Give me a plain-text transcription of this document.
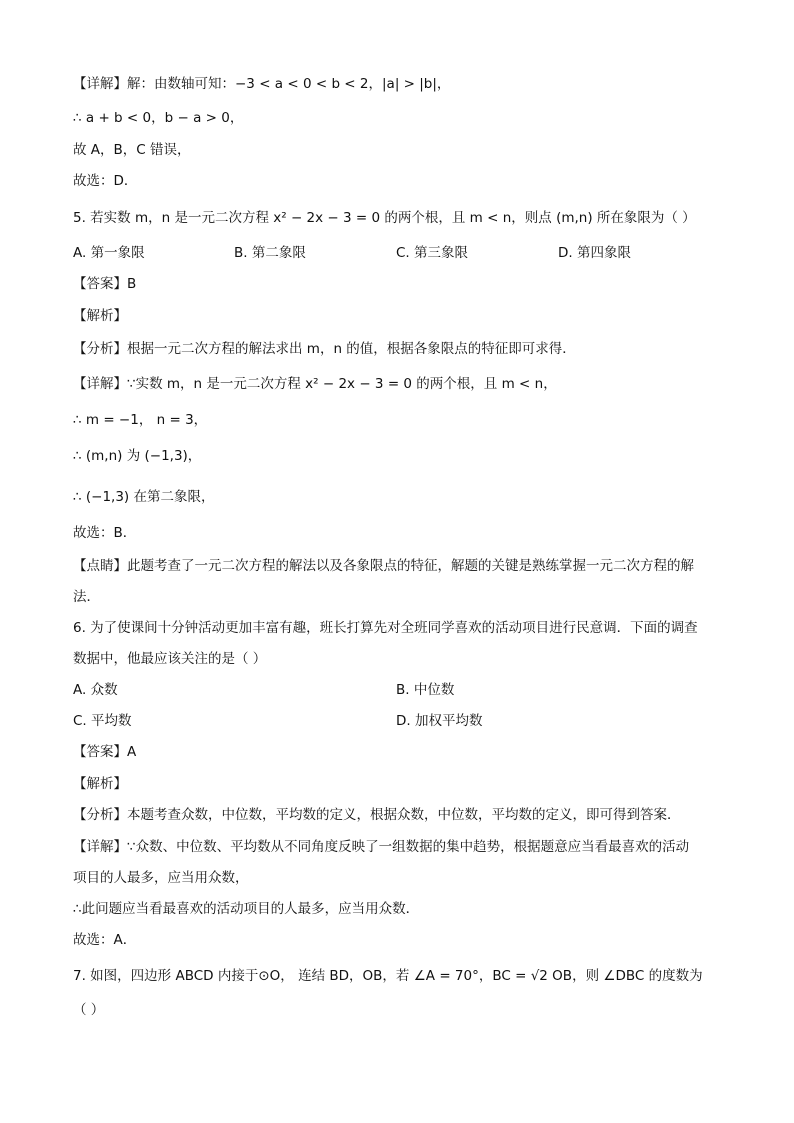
【详解】解：由数轴可知：−3 < a < 0 < b < 2，|a| > |b|，
∴ a + b < 0，b − a > 0，
故 A，B，C 错误，
故选：D．
5. 若实数 m，n 是一元二次方程 x² − 2x − 3 = 0 的两个根，且 m < n，则点 (m,n) 所在象限为（ ）
A. 第一象限	B. 第二象限	C. 第三象限	D. 第四象限
【答案】B
【解析】
【分析】根据一元二次方程的解法求出 m，n 的值，根据各象限点的特征即可求得．
【详解】∵实数 m，n 是一元二次方程 x² − 2x − 3 = 0 的两个根，且 m < n，
∴ m = −1， n = 3，
∴ (m,n) 为 (−1,3)，
∴ (−1,3) 在第二象限，
故选：B．
【点睛】此题考查了一元二次方程的解法以及各象限点的特征，解题的关键是熟练掌握一元二次方程的解
法．
6. 为了使课间十分钟活动更加丰富有趣，班长打算先对全班同学喜欢的活动项目进行民意调．下面的调查
数据中，他最应该关注的是（ ）
A. 众数	B. 中位数
C. 平均数	D. 加权平均数
【答案】A
【解析】
【分析】本题考查众数，中位数，平均数的定义，根据众数，中位数，平均数的定义，即可得到答案．
【详解】∵众数、中位数、平均数从不同角度反映了一组数据的集中趋势，根据题意应当看最喜欢的活动
项目的人最多，应当用众数，
∴此问题应当看最喜欢的活动项目的人最多，应当用众数．
故选：A．
7. 如图，四边形 ABCD 内接于⊙O， 连结 BD，OB，若 ∠A = 70°，BC = √2 OB，则 ∠DBC 的度数为
（ ）
